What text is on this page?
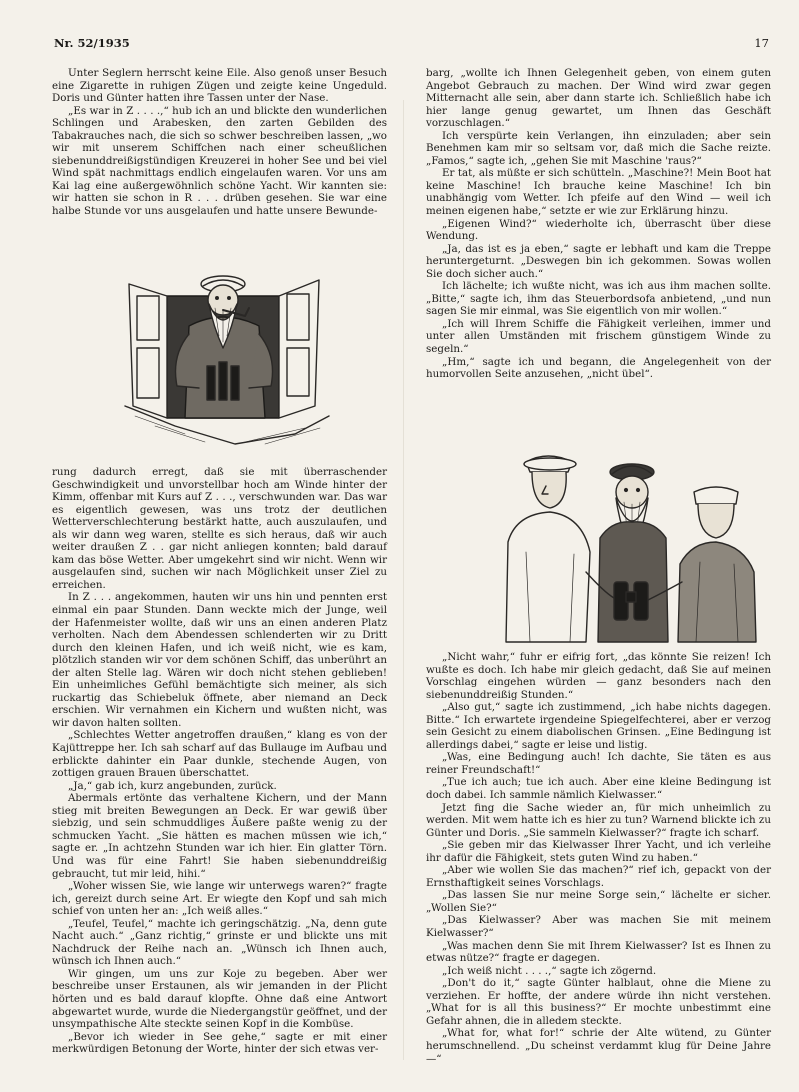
Nr. 52/1935	17

Unter Seglern herrscht keine Eile. Also genoß unser Besuch eine Zigarette in ruhigen Zügen und zeigte keine Ungeduld. Doris und Günter hatten ihre Tassen unter der Nase.

„Es war in Z . . . .,“ hub ich an und blickte den wunderlichen Schlingen und Arabesken, den zarten Gebilden des Tabakrauches nach, die sich so schwer beschreiben lassen, „wo wir mit unserem Schiffchen nach einer scheußlichen siebenunddreißigstündigen Kreuzerei in hoher See und bei viel Wind spät nachmittags endlich eingelaufen waren. Vor uns am Kai lag eine außergewöhnlich schöne Yacht. Wir kannten sie: wir hatten sie schon in R . . . drüben gesehen. Sie war eine halbe Stunde vor uns ausgelaufen und hatte unsere Bewunde-

rung dadurch erregt, daß sie mit überraschender Geschwindigkeit und unvorstellbar hoch am Winde hinter der Kimm, offenbar mit Kurs auf Z . . ., verschwunden war. Das war es eigentlich gewesen, was uns trotz der deutlichen Wetterverschlechterung bestärkt hatte, auch auszulaufen, und als wir dann weg waren, stellte es sich heraus, daß wir auch weiter draußen Z . . gar nicht anliegen konnten; bald darauf kam das böse Wetter. Aber umgekehrt sind wir nicht. Wenn wir ausgelaufen sind, suchen wir nach Möglichkeit unser Ziel zu erreichen.

In Z . . . angekommen, hauten wir uns hin und pennten erst einmal ein paar Stunden. Dann weckte mich der Junge, weil der Hafenmeister wollte, daß wir uns an einen anderen Platz verholten. Nach dem Abendessen schlenderten wir zu Dritt durch den kleinen Hafen, und ich weiß nicht, wie es kam, plötzlich standen wir vor dem schönen Schiff, das unberührt an der alten Stelle lag. Wären wir doch nicht stehen geblieben! Ein unheimliches Gefühl bemächtigte sich meiner, als sich ruckartig das Schiebeluk öffnete, aber niemand an Deck erschien. Wir vernahmen ein Kichern und wußten nicht, was wir davon halten sollten.

„Schlechtes Wetter angetroffen draußen,“ klang es von der Kajüttreppe her. Ich sah scharf auf das Bullauge im Aufbau und erblickte dahinter ein Paar dunkle, stechende Augen, von zottigen grauen Brauen überschattet.

„Ja,“ gab ich, kurz angebunden, zurück.

Abermals ertönte das verhaltene Kichern, und der Mann stieg mit breiten Bewegungen an Deck. Er war gewiß über siebzig, und sein schmuddliges Äußere paßte wenig zu der schmucken Yacht. „Sie hätten es machen müssen wie ich,“ sagte er. „In achtzehn Stunden war ich hier. Ein glatter Törn. Und was für eine Fahrt! Sie haben siebenunddreißig gebraucht, tut mir leid, hihi.“

„Woher wissen Sie, wie lange wir unterwegs waren?“ fragte ich, gereizt durch seine Art. Er wiegte den Kopf und sah mich schief von unten her an: „Ich weiß alles.“

„Teufel, Teufel,“ machte ich geringschätzig. „Na, denn gute Nacht auch.“ „Ganz richtig,“ grinste er und blickte uns mit Nachdruck der Reihe nach an. „Wünsch ich Ihnen auch, wünsch ich Ihnen auch.“

Wir gingen, um uns zur Koje zu begeben. Aber wer beschreibe unser Erstaunen, als wir jemanden in der Plicht hörten und es bald darauf klopfte. Ohne daß eine Antwort abgewartet wurde, wurde die Niedergangstür geöffnet, und der unsympathische Alte steckte seinen Kopf in die Kombüse.

„Bevor ich wieder in See gehe,“ sagte er mit einer merkwürdigen Betonung der Worte, hinter der sich etwas ver-

barg, „wollte ich Ihnen Gelegenheit geben, von einem guten Angebot Gebrauch zu machen. Der Wind wird zwar gegen Mitternacht alle sein, aber dann starte ich. Schließlich habe ich hier lange genug gewartet, um Ihnen das Geschäft vorzuschlagen.“

Ich verspürte kein Verlangen, ihn einzuladen; aber sein Benehmen kam mir so seltsam vor, daß mich die Sache reizte. „Famos,“ sagte ich, „gehen Sie mit Maschine 'raus?“

Er tat, als müßte er sich schütteln. „Maschine?! Mein Boot hat keine Maschine! Ich brauche keine Maschine! Ich bin unabhängig vom Wetter. Ich pfeife auf den Wind — weil ich meinen eigenen habe,“ setzte er wie zur Erklärung hinzu.

„Eigenen Wind?“ wiederholte ich, überrascht über diese Wendung.

„Ja, das ist es ja eben,“ sagte er lebhaft und kam die Treppe heruntergeturnt. „Deswegen bin ich gekommen. Sowas wollen Sie doch sicher auch.“

Ich lächelte; ich wußte nicht, was ich aus ihm machen sollte. „Bitte,“ sagte ich, ihm das Steuerbordsofa anbietend, „und nun sagen Sie mir einmal, was Sie eigentlich von mir wollen.“

„Ich will Ihrem Schiffe die Fähigkeit verleihen, immer und unter allen Umständen mit frischem günstigem Winde zu segeln.“

„Hm,“ sagte ich und begann, die Angelegenheit von der humorvollen Seite anzusehen, „nicht übel“.

„Nicht wahr,“ fuhr er eifrig fort, „das könnte Sie reizen! Ich wußte es doch. Ich habe mir gleich gedacht, daß Sie auf meinen Vorschlag eingehen würden — ganz besonders nach den siebenunddreißig Stunden.“

„Also gut,“ sagte ich zustimmend, „ich habe nichts dagegen. Bitte.“ Ich erwartete irgendeine Spiegelfechterei, aber er verzog sein Gesicht zu einem diabolischen Grinsen. „Eine Bedingung ist allerdings dabei,“ sagte er leise und listig.

„Was, eine Bedingung auch! Ich dachte, Sie täten es aus reiner Freundschaft!“

„Tue ich auch; tue ich auch. Aber eine kleine Bedingung ist doch dabei. Ich sammle nämlich Kielwasser.“

Jetzt fing die Sache wieder an, für mich unheimlich zu werden. Mit wem hatte ich es hier zu tun? Warnend blickte ich zu Günter und Doris. „Sie sammeln Kielwasser?“ fragte ich scharf.

„Sie geben mir das Kielwasser Ihrer Yacht, und ich verleihe ihr dafür die Fähigkeit, stets guten Wind zu haben.“

„Aber wie wollen Sie das machen?“ rief ich, gepackt von der Ernsthaftigkeit seines Vorschlags.

„Das lassen Sie nur meine Sorge sein,“ lächelte er sicher. „Wollen Sie?“

„Das Kielwasser? Aber was machen Sie mit meinem Kielwasser?“

„Was machen denn Sie mit Ihrem Kielwasser? Ist es Ihnen zu etwas nütze?“ fragte er dagegen.

„Ich weiß nicht . . . .,“ sagte ich zögernd.

„Don't do it,“ sagte Günter halblaut, ohne die Miene zu verziehen. Er hoffte, der andere würde ihn nicht verstehen. „What for is all this business?“ Er mochte unbestimmt eine Gefahr ahnen, die in alledem steckte.

„What for, what for!“ schrie der Alte wütend, zu Günter herumschnellend. „Du scheinst verdammt klug für Deine Jahre —“
